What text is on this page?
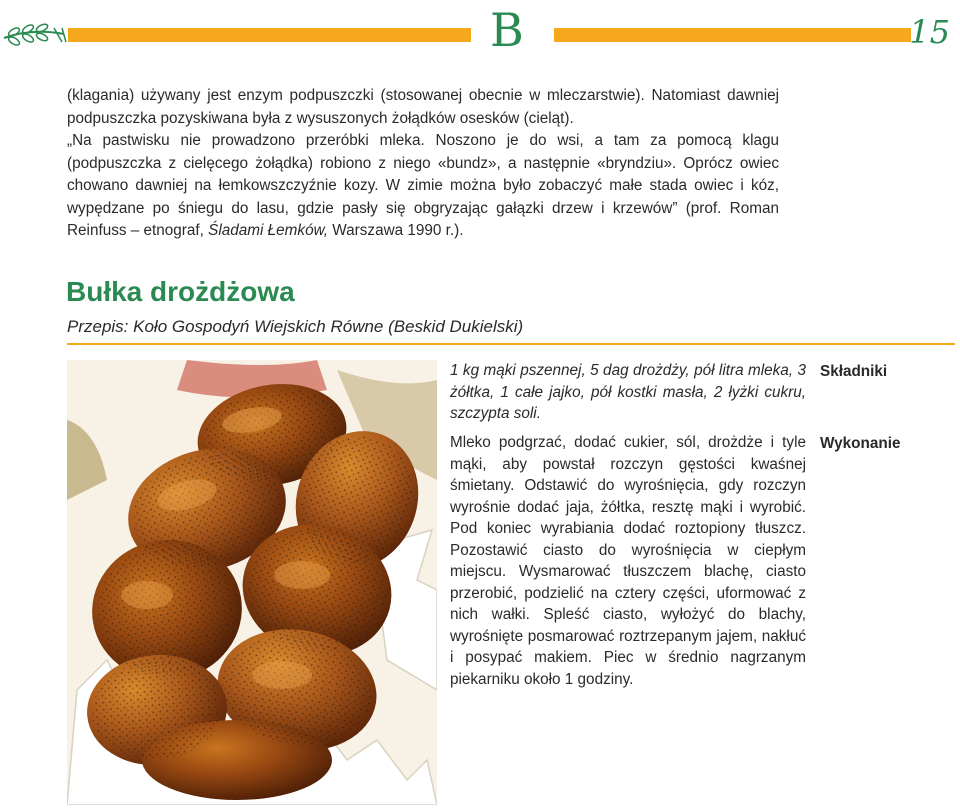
B	15

(klagania) używany jest enzym podpuszczki (stosowanej obecnie w mleczarstwie). Natomiast dawniej podpuszczka pozyskiwana była z wysuszonych żołądków osesków (cieląt).

„Na pastwisku nie prowadzono przeróbki mleka. Noszono je do wsi, a tam za pomocą klagu (podpuszczka z cielęcego żołądka) robiono z niego «bundz», a następnie «bryndziu». Oprócz owiec chowano dawniej na łemkowszczyźnie kozy. W zimie można było zobaczyć małe stada owiec i kóz, wypędzane po śniegu do lasu, gdzie pasły się obgryzając gałązki drzew i krzewów” (prof. Roman Reinfuss – etnograf, Śladami Łemków, Warszawa 1990 r.).

Bułka drożdżowa
Przepis: Koło Gospodyń Wiejskich Równe (Beskid Dukielski)
1 kg mąki pszennej, 5 dag drożdży, pół litra mleka, 3 żółtka, 1 całe jajko, pół kostki masła, 2 łyżki cukru, szczypta soli.
Składniki
Mleko podgrzać, dodać cukier, sól, drożdże i tyle mąki, aby powstał rozczyn gęstości kwaśnej śmietany. Odstawić do wyrośnięcia, gdy rozczyn wyrośnie dodać jaja, żółtka, resztę mąki i wyrobić. Pod koniec wyrabiania dodać roztopiony tłuszcz. Pozostawić ciasto do wyrośnięcia w ciepłym miejscu. Wysmarować tłuszczem blachę, ciasto przerobić, podzielić na cztery części, uformować z nich wałki. Spleść ciasto, wyłożyć do blachy, wyrośnięte posmarować roztrzepanym jajem, nakłuć i posypać makiem. Piec w średnio nagrzanym piekarniku około 1 godziny.
Wykonanie
